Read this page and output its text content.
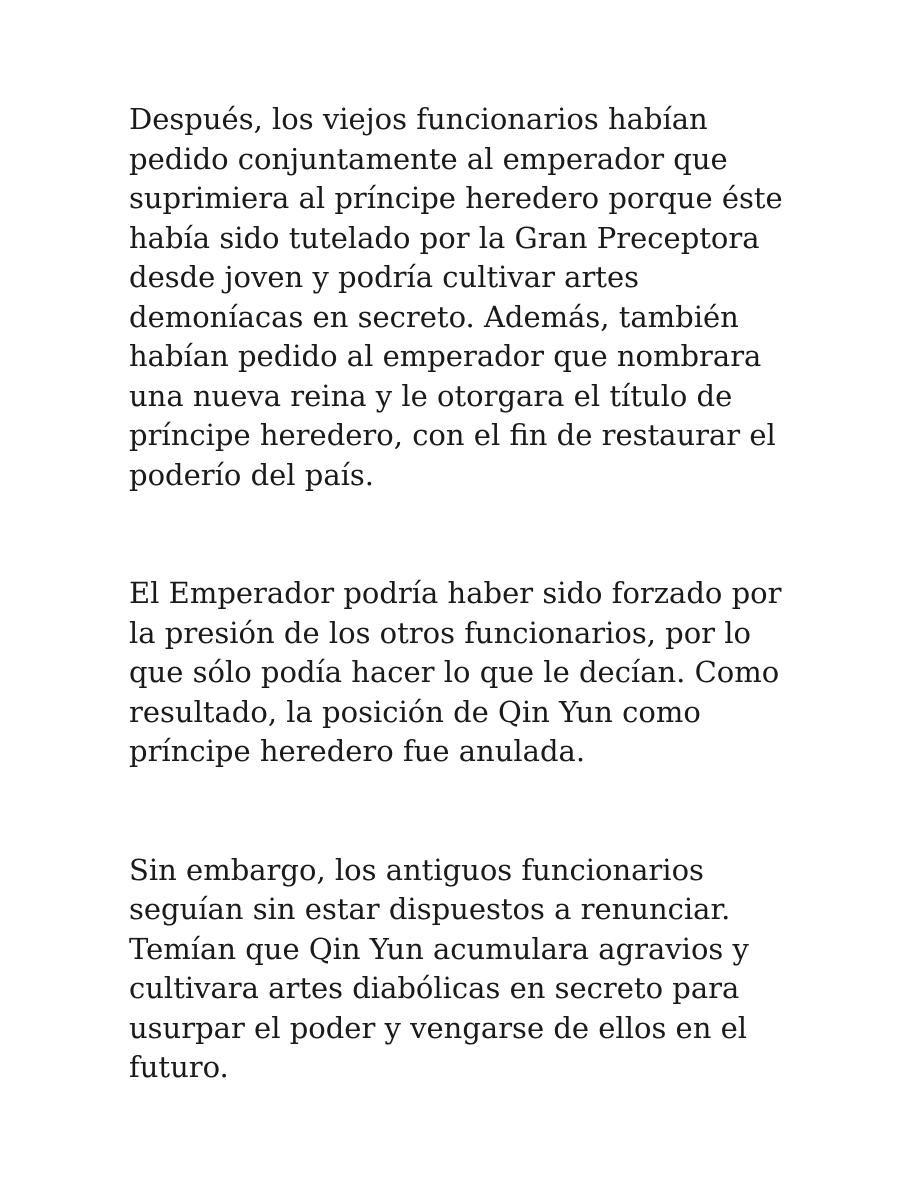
Después, los viejos funcionarios habían
pedido conjuntamente al emperador que
suprimiera al príncipe heredero porque éste
había sido tutelado por la Gran Preceptora
desde joven y podría cultivar artes
demoníacas en secreto. Además, también
habían pedido al emperador que nombrara
una nueva reina y le otorgara el título de
príncipe heredero, con el fin de restaurar el
poderío del país.

El Emperador podría haber sido forzado por
la presión de los otros funcionarios, por lo
que sólo podía hacer lo que le decían. Como
resultado, la posición de Qin Yun como
príncipe heredero fue anulada.

Sin embargo, los antiguos funcionarios
seguían sin estar dispuestos a renunciar.
Temían que Qin Yun acumulara agravios y
cultivara artes diabólicas en secreto para
usurpar el poder y vengarse de ellos en el
futuro.
